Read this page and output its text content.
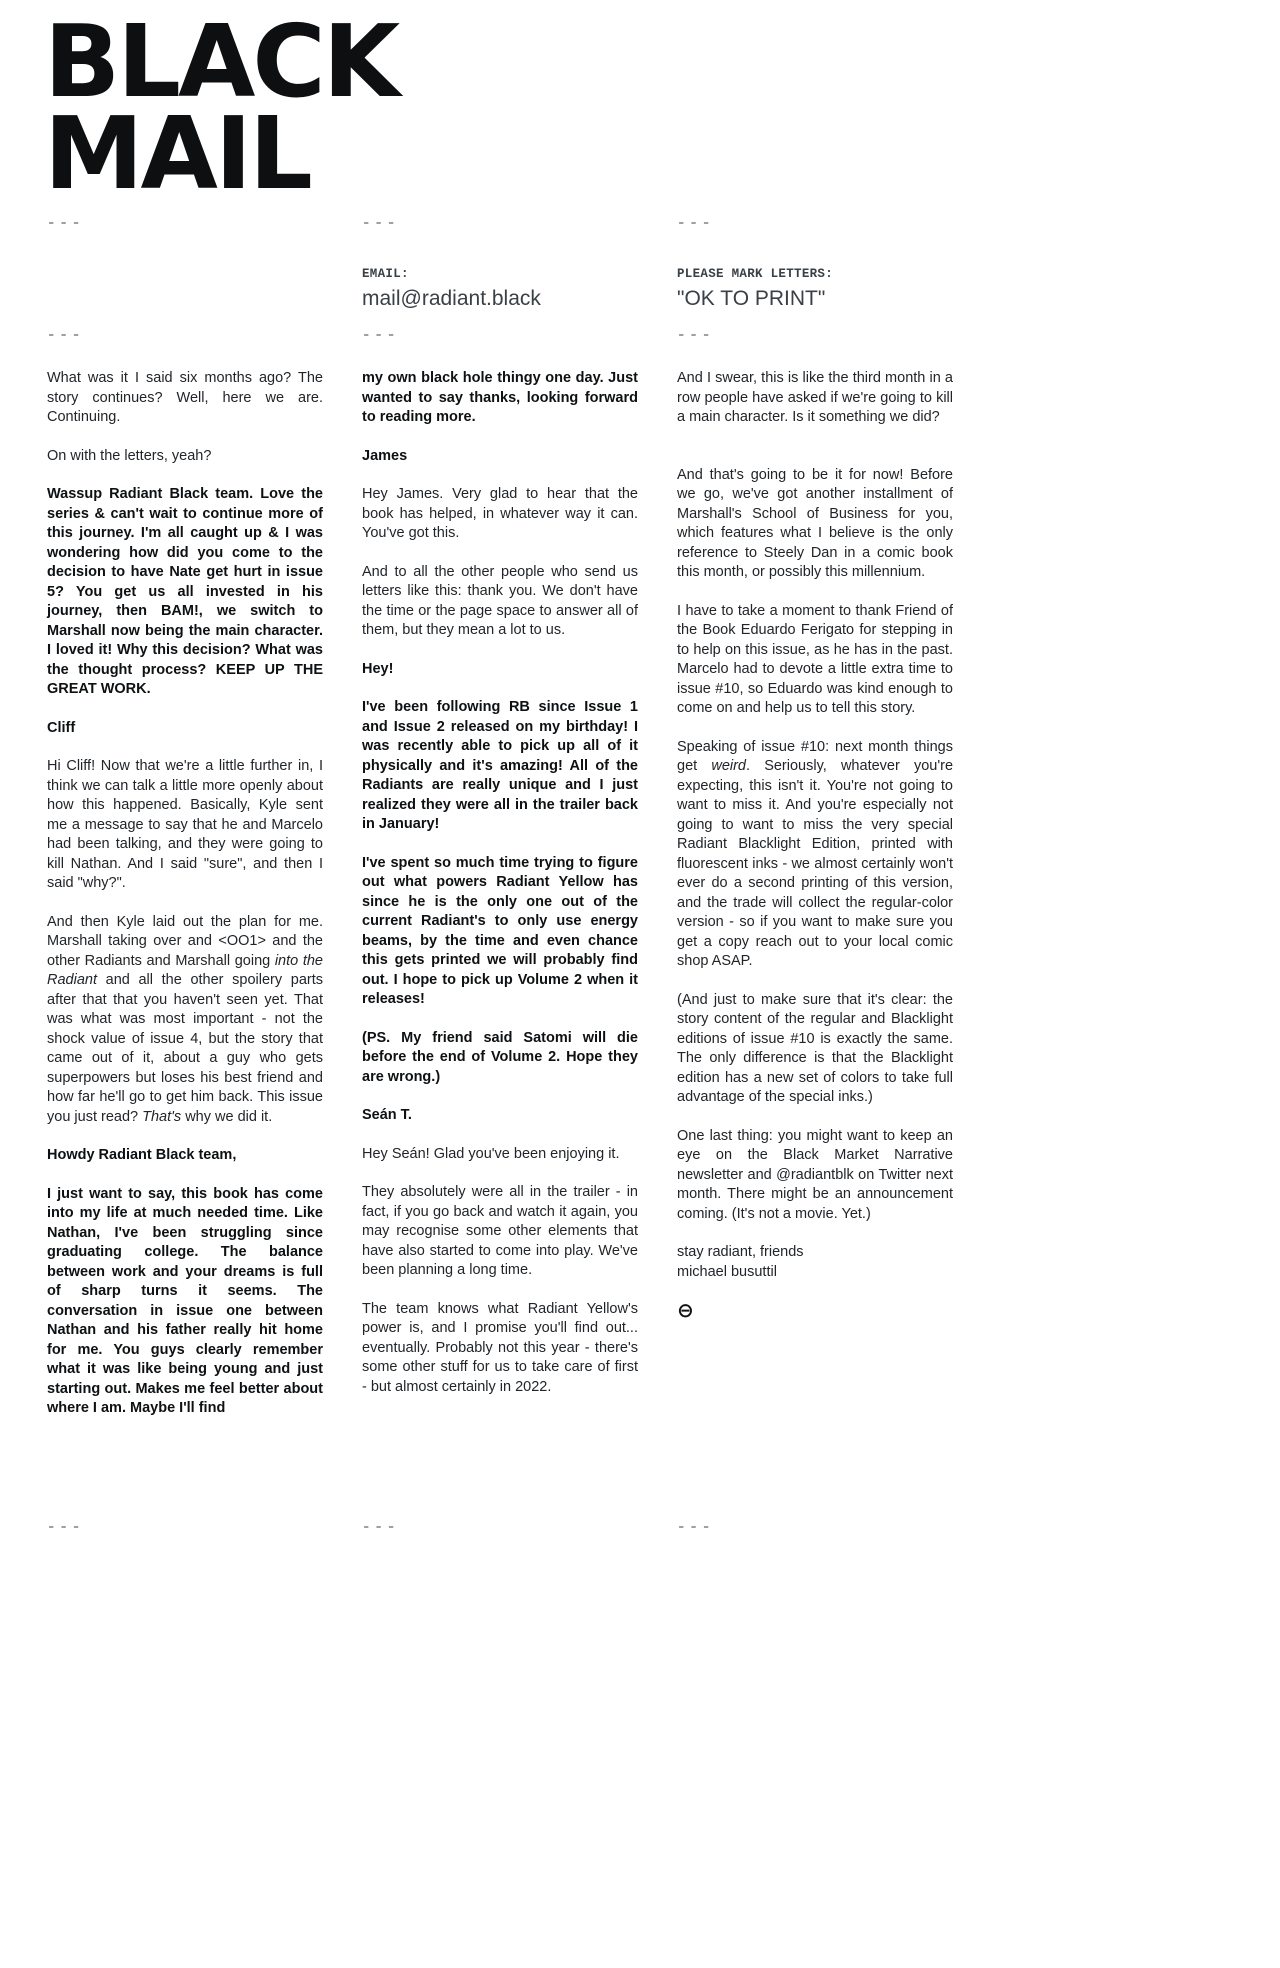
BLACK
MAIL
---
---

What was it I said six months ago? The story continues? Well, here we are. Continuing.

On with the letters, yeah?

Wassup Radiant Black team. Love the series & can't wait to continue more of this journey. I'm all caught up & I was wondering how did you come to the decision to have Nate get hurt in issue 5? You get us all invested in his journey, then BAM!, we switch to Marshall now being the main character. I loved it! Why this decision? What was the thought process? KEEP UP THE GREAT WORK.

Cliff

Hi Cliff! Now that we're a little further in, I think we can talk a little more openly about how this happened. Basically, Kyle sent me a message to say that he and Marcelo had been talking, and they were going to kill Nathan. And I said "sure", and then I said "why?".

And then Kyle laid out the plan for me. Marshall taking over and <OO1> and the other Radiants and Marshall going into the Radiant and all the other spoilery parts after that that you haven't seen yet. That was what was most important - not the shock value of issue 4, but the story that came out of it, about a guy who gets superpowers but loses his best friend and how far he'll go to get him back. This issue you just read? That's why we did it.

Howdy Radiant Black team,

I just want to say, this book has come into my life at much needed time. Like Nathan, I've been struggling since graduating college. The balance between work and your dreams is full of sharp turns it seems. The conversation in issue one between Nathan and his father really hit home for me. You guys clearly remember what it was like being young and just starting out. Makes me feel better about where I am. Maybe I'll find

---
---
EMAIL:
mail@radiant.black
---

my own black hole thingy one day. Just wanted to say thanks, looking forward to reading more.

James

Hey James. Very glad to hear that the book has helped, in whatever way it can. You've got this.

And to all the other people who send us letters like this: thank you. We don't have the time or the page space to answer all of them, but they mean a lot to us.

Hey!

I've been following RB since Issue 1 and Issue 2 released on my birthday! I was recently able to pick up all of it physically and it's amazing! All of the Radiants are really unique and I just realized they were all in the trailer back in January!

I've spent so much time trying to figure out what powers Radiant Yellow has since he is the only one out of the current Radiant's to only use energy beams, by the time and even chance this gets printed we will probably find out. I hope to pick up Volume 2 when it releases!

(PS. My friend said Satomi will die before the end of Volume 2. Hope they are wrong.)

Seán T.

Hey Seán! Glad you've been enjoying it.

They absolutely were all in the trailer - in fact, if you go back and watch it again, you may recognise some other elements that have also started to come into play. We've been planning a long time.

The team knows what Radiant Yellow's power is, and I promise you'll find out... eventually. Probably not this year - there's some other stuff for us to take care of first - but almost certainly in 2022.

---
---
PLEASE MARK LETTERS:
"OK TO PRINT"
---

And I swear, this is like the third month in a row people have asked if we're going to kill a main character. Is it something we did?

And that's going to be it for now! Before we go, we've got another installment of Marshall's School of Business for you, which features what I believe is the only reference to Steely Dan in a comic book this month, or possibly this millennium.

I have to take a moment to thank Friend of the Book Eduardo Ferigato for stepping in to help on this issue, as he has in the past. Marcelo had to devote a little extra time to issue #10, so Eduardo was kind enough to come on and help us to tell this story.

Speaking of issue #10: next month things get weird. Seriously, whatever you're expecting, this isn't it. You're not going to want to miss it. And you're especially not going to want to miss the very special Radiant Blacklight Edition, printed with fluorescent inks - we almost certainly won't ever do a second printing of this version, and the trade will collect the regular-color version - so if you want to make sure you get a copy reach out to your local comic shop ASAP.

(And just to make sure that it's clear: the story content of the regular and Blacklight editions of issue #10 is exactly the same. The only difference is that the Blacklight edition has a new set of colors to take full advantage of the special inks.)

One last thing: you might want to keep an eye on the Black Market Narrative newsletter and @radiantblk on Twitter next month. There might be an announcement coming. (It's not a movie. Yet.)

stay radiant, friends
michael busuttil

⊖

---
